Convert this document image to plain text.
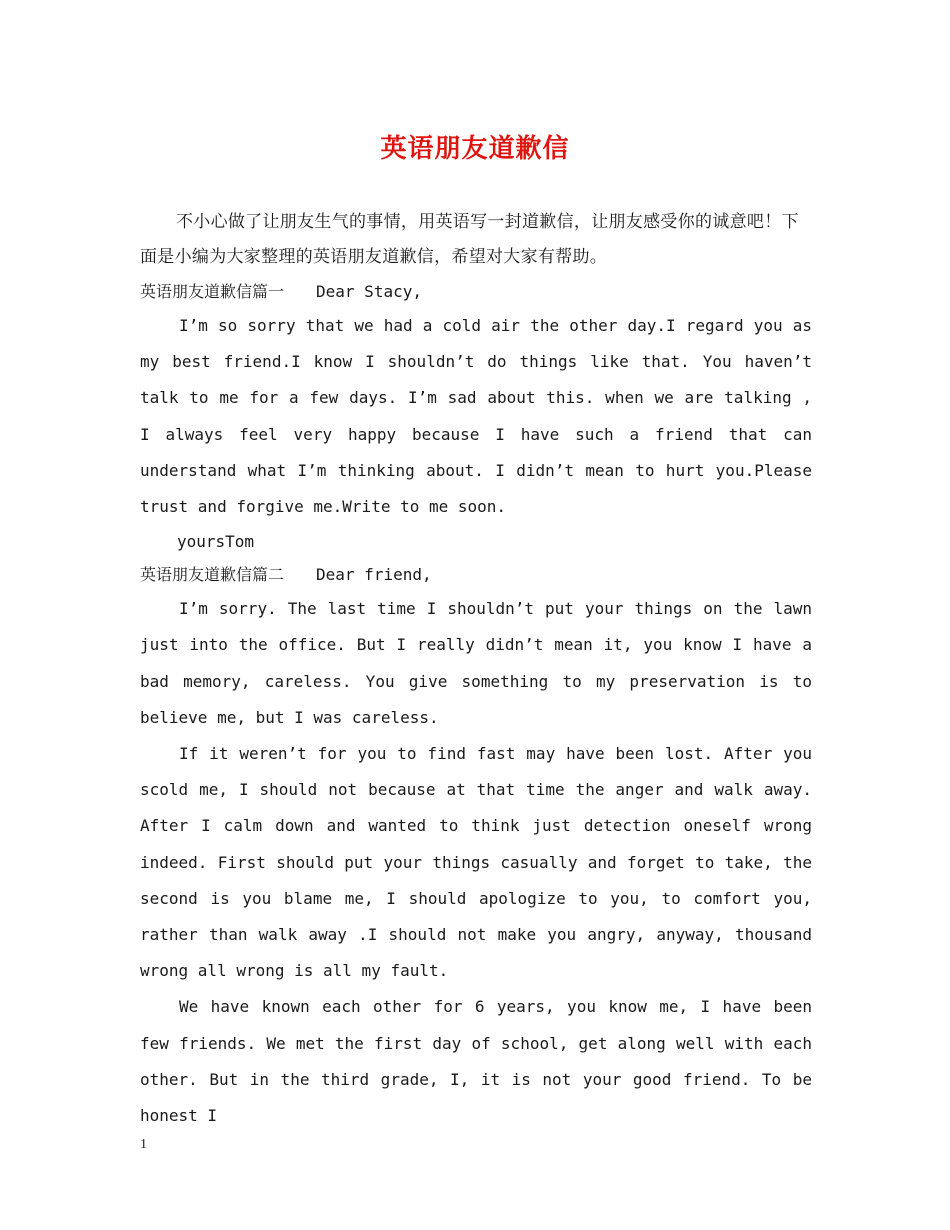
英语朋友道歉信

不小心做了让朋友生气的事情，用英语写一封道歉信，让朋友感受你的诚意吧！下面是小编为大家整理的英语朋友道歉信，希望对大家有帮助。

英语朋友道歉信篇一 Dear Stacy,

I’m so sorry that we had a cold air the other day.I regard you as my best friend.I know I shouldn’t do things like that. You haven’t talk to me for a few days. I’m sad about this. when we are talking , I always feel very happy because I have such a friend that can understand what I’m thinking about. I didn’t mean to hurt you.Please trust and forgive me.Write to me soon.

yoursTom

英语朋友道歉信篇二 Dear friend,

I’m sorry. The last time I shouldn’t put your things on the lawn just into the office. But I really didn’t mean it, you know I have a bad memory, careless. You give something to my preservation is to believe me, but I was careless.

If it weren’t for you to find fast may have been lost. After you scold me, I should not because at that time the anger and walk away. After I calm down and wanted to think just detection oneself wrong indeed. First should put your things casually and forget to take, the second is you blame me, I should apologize to you, to comfort you, rather than walk away .I should not make you angry, anyway, thousand wrong all wrong is all my fault.

We have known each other for 6 years, you know me, I have been few friends. We met the first day of school, get along well with each other. But in the third grade, I, it is not your good friend. To be honest I

1
